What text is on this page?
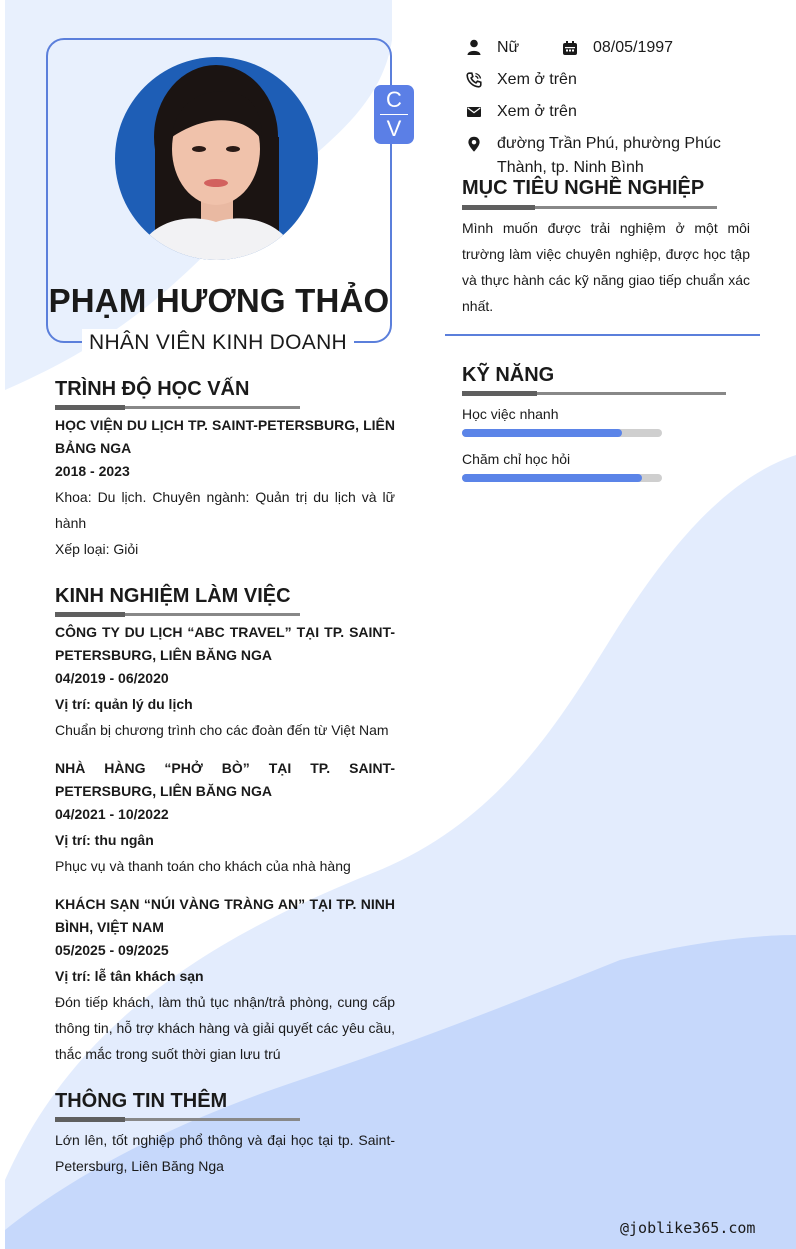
C
V
PHẠM HƯƠNG THẢO
NHÂN VIÊN KINH DOANH
Nữ	08/05/1997
Xem ở trên
Xem ở trên
đường Trần Phú, phường Phúc
Thành, tp. Ninh Bình
MỤC TIÊU NGHỀ NGHIỆP
Mình muốn được trải nghiệm ở một môi trường làm việc chuyên nghiệp, được học tập và thực hành các kỹ năng giao tiếp chuẩn xác nhất.
KỸ NĂNG
Học việc nhanh
Chăm chỉ học hỏi
TRÌNH ĐỘ HỌC VẤN
HỌC VIỆN DU LỊCH TP. SAINT-PETERSBURG, LIÊN BẢNG NGA
2018 - 2023
Khoa: Du lịch. Chuyên ngành: Quản trị du lịch và lữ hành
Xếp loại: Giỏi
KINH NGHIỆM LÀM VIỆC
CÔNG TY DU LỊCH “ABC TRAVEL” TẠI TP. SAINT-PETERSBURG, LIÊN BĂNG NGA
04/2019 - 06/2020
Vị trí: quản lý du lịch
Chuẩn bị chương trình cho các đoàn đến từ Việt Nam
NHÀ HÀNG “PHỞ BÒ” TẠI TP. SAINT-PETERSBURG, LIÊN BĂNG NGA
04/2021 - 10/2022
Vị trí: thu ngân
Phục vụ và thanh toán cho khách của nhà hàng
KHÁCH SẠN “NÚI VÀNG TRÀNG AN” TẠI TP. NINH BÌNH, VIỆT NAM
05/2025 - 09/2025
Vị trí: lễ tân khách sạn
Đón tiếp khách, làm thủ tục nhận/trả phòng, cung cấp thông tin, hỗ trợ khách hàng và giải quyết các yêu cầu, thắc mắc trong suốt thời gian lưu trú
THÔNG TIN THÊM
Lớn lên, tốt nghiệp phổ thông và đại học tại tp. Saint-Petersburg, Liên Băng Nga
@joblike365.com
